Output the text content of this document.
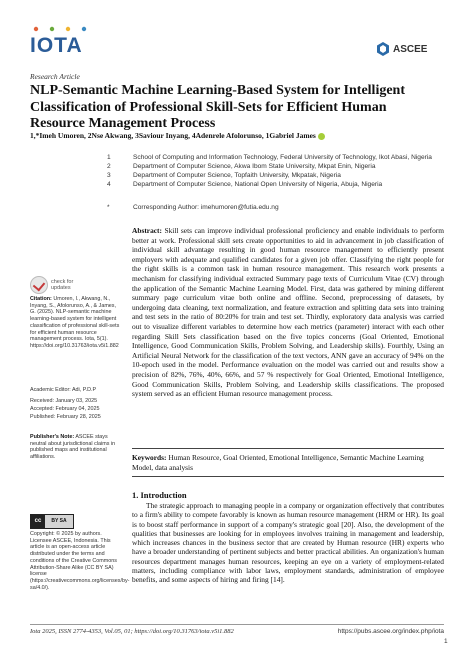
IOTA	ASCEE
Research Article
NLP-Semantic Machine Learning-Based System for Intelligent Classification of Professional Skill-Sets for Efficient Human Resource Management Process
1,*Imeh Umoren, 2Nse Akwang, 3Saviour Inyang, 4Adenrele Afolorunso, 1Gabriel James
1	School of Computing and Information Technology, Federal University of Technology, Ikot Abasi, Nigeria
2	Department of Computer Science, Akwa Ibom State University, Mkpat Enin, Nigeria
3	Department of Computer Science, Topfaith University, Mkpatak, Nigeria
4	Department of Computer Science, National Open University of Nigeria, Abuja, Nigeria
*	Corresponding Author: imehumoren@futia.edu.ng
Abstract: Skill sets can improve individual professional proficiency and enable individuals to perform better at work. Professional skill sets create opportunities to aid in advancement in job classification of individual skill advantage resulting in good human resource management to efficiently present employers with adequate and qualified candidates for a given job offer. Classifying the right people for the right skills is a common task in human resource management. This research work presents a mechanism for classifying individual extracted Summary page texts of Curriculum Vitae (CV) through the application of the Semantic Machine Learning Model. First, data was gathered by mining different summary page curriculum vitae both online and offline. Second, preprocessing of datasets, by undergoing data cleaning, text normalization, and feature extraction and splitting data sets into training and test sets in the ratio of 80:20% for train and test set. Thirdly, exploratory data analysis was carried out to visualize different variables to determine how each metrics (parameter) interact with each other regarding Skill Sets classification based on the five topics concerns (Goal Oriented, Emotional Intelligence, Good Communication Skills, Problem Solving, and Leadership skills). Fourthly, Using an Artificial Neural Network for the classification of the text vectors, ANN gave an accuracy of 94% on the 10-epoch used in the model. Performance evaluation on the model was carried out and results show a precision of 82%, 76%, 40%, 66%, and 57 % respectively for Goal Oriented, Emotional Intelligence, Good Communication Skills, Problem Solving, and Leadership skills classifications. The proposed system served as an efficient Human resource management process.
Keywords: Human Resource, Goal Oriented, Emotional Intelligence, Semantic Machine Learning Model, data analysis
1. Introduction
The strategic approach to managing people in a company or organization effectively that contributes to a firm's ability to compete favorably is known as human resource management (HRM or HR). Its goal is to boost staff performance in support of a company's strategic goal [20]. Also, the development of the qualities that businesses are looking for in employees involves training in management and leadership, which increases chances in the business sector that are created by Human resource (HR) experts who have a broader understanding of pertinent subjects and better practical abilities. An organization's human resources department manages human resources, keeping an eye on a variety of employment-related matters, including compliance with labor laws, employment standards, administration of employee benefits, and some aspects of hiring and firing [14].
check for updates
Citation: Umoren, I., Akwang, N., Inyang, S., Afolorunso, A., & James, G. (2025). NLP-semantic machine learning-based system for intelligent classification of professional skill-sets for efficient human resource management process. Iota, 5(1). https://doi.org/10.31763/iota.v5i1.882
Academic Editor: Adi, P.D.P
Received: January 03, 2025
Accepted: February 04, 2025
Published: February 28, 2025
Publisher's Note: ASCEE stays neutral about jurisdictional claims in published maps and institutional affiliations.
cc	BY SA
Copyright: © 2025 by authors. Licensee ASCEE, Indonesia. This article is an open-access article distributed under the terms and conditions of the Creative Commons Attribution-Share Alike (CC BY SA) license (https://creativecommons.org/licenses/by-sa/4.0/).
Iota 2025, ISSN 2774-4353, Vol.05, 01; https://doi.org/10.31763/iota.v5i1.882	https://pubs.ascee.org/index.php/iota
1
